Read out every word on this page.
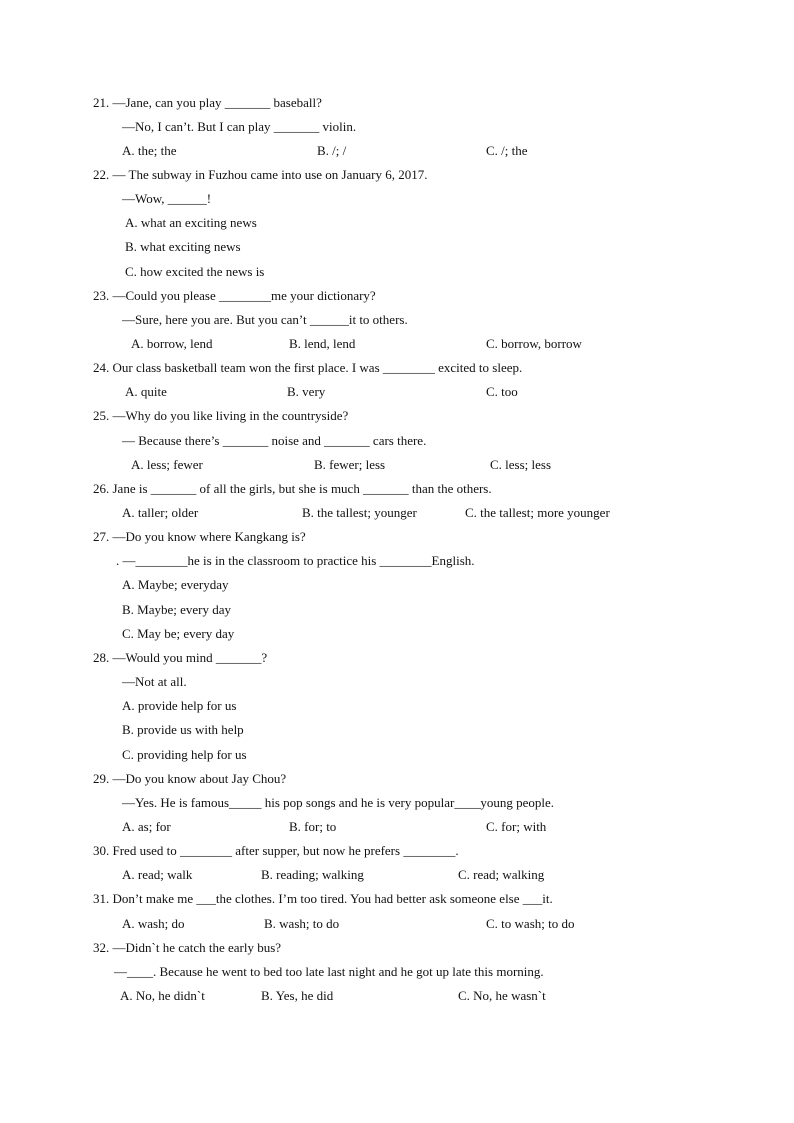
21. —Jane, can you play _______ baseball?
—No, I can’t. But I can play _______ violin.
A. the; the	B. /; /	C. /; the
22. — The subway in Fuzhou came into use on January 6, 2017.
—Wow, ______!
A. what an exciting news
B. what exciting news
C. how excited the news is
23. —Could you please ________me your dictionary?
—Sure, here you are. But you can’t ______it to others.
A. borrow, lend	B. lend, lend	C. borrow, borrow
24. Our class basketball team won the first place. I was ________ excited to sleep.
A. quite	B. very	C. too
25. —Why do you like living in the countryside?
— Because there’s _______ noise and _______ cars there.
A. less; fewer	B. fewer; less	C. less; less
26. Jane is _______ of all the girls, but she is much _______ than the others.
A. taller; older	B. the tallest; younger	C. the tallest; more younger
27. —Do you know where Kangkang is?
. —________he is in the classroom to practice his ________English.
A. Maybe; everyday
B. Maybe; every day
C. May be; every day
28. —Would you mind _______?
—Not at all.
A. provide help for us
B. provide us with help
C. providing help for us
29. —Do you know about Jay Chou?
—Yes. He is famous_____ his pop songs and he is very popular____young people.
A. as; for	B. for; to	C. for; with
30. Fred used to ________ after supper, but now he prefers ________.
A. read; walk	B. reading; walking	C. read; walking
31. Don’t make me ___the clothes. I’m too tired. You had better ask someone else ___it.
A. wash; do	B. wash; to do	C. to wash; to do
32. —Didn`t he catch the early bus?
—____. Because he went to bed too late last night and he got up late this morning.
A. No, he didn`t	B. Yes, he did	C. No, he wasn`t
